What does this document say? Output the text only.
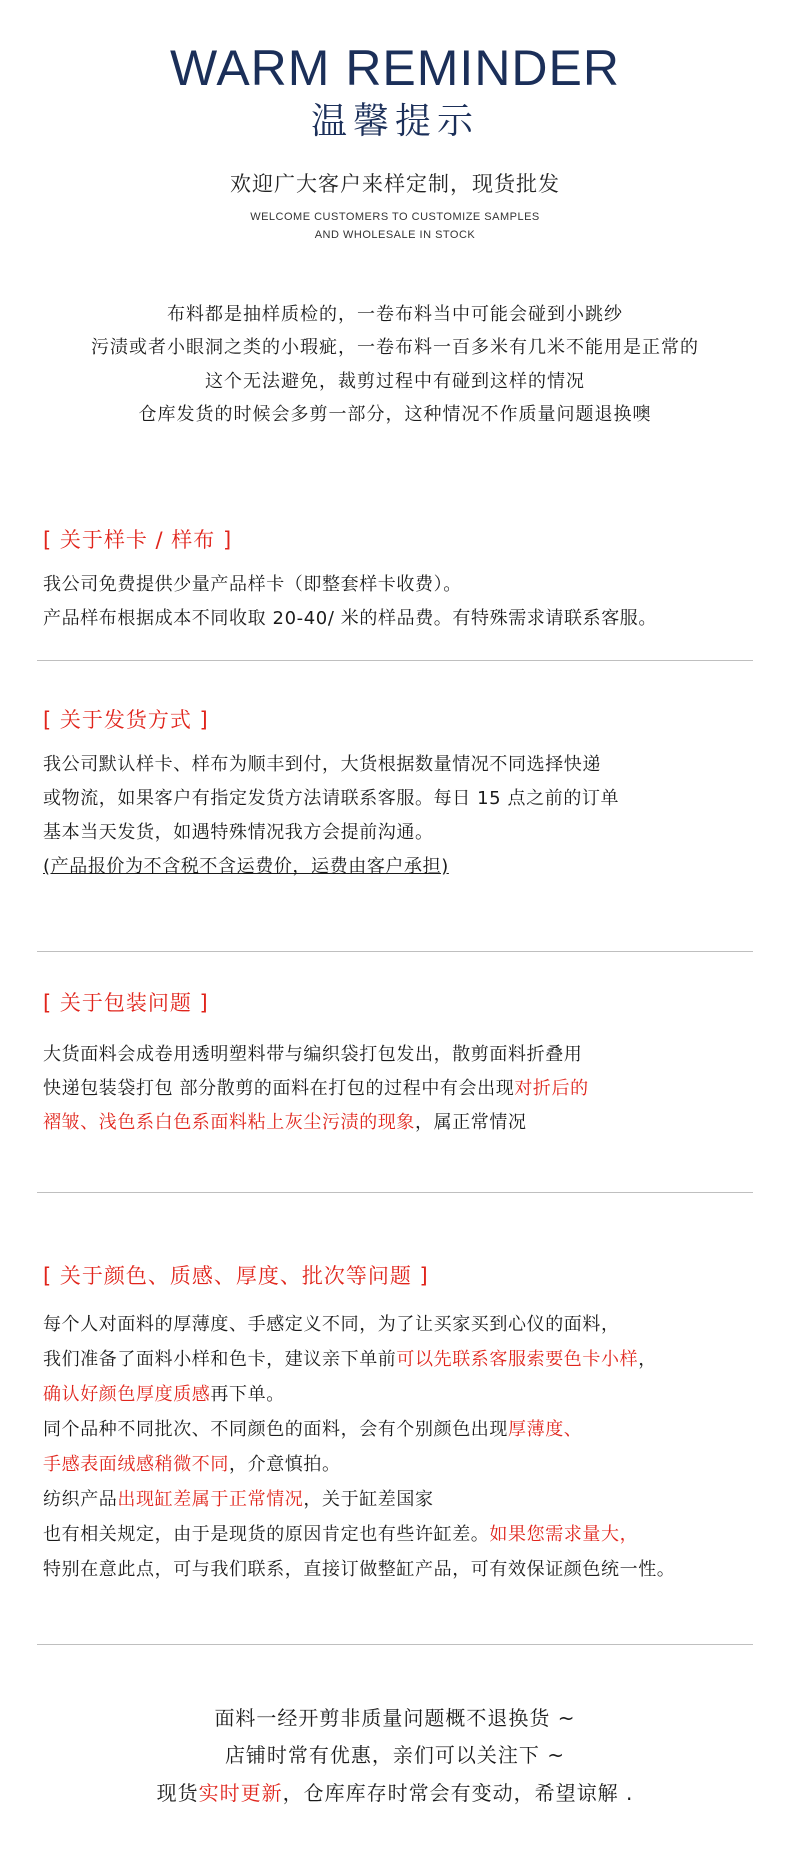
WARM REMINDER
温馨提示
欢迎广大客户来样定制，现货批发
WELCOME CUSTOMERS TO CUSTOMIZE SAMPLES
AND WHOLESALE IN STOCK
布料都是抽样质检的，一卷布料当中可能会碰到小跳纱
污渍或者小眼洞之类的小瑕疵，一卷布料一百多米有几米不能用是正常的
这个无法避免，裁剪过程中有碰到这样的情况
仓库发货的时候会多剪一部分，这种情况不作质量问题退换噢
[ 关于样卡 / 样布 ]
我公司免费提供少量产品样卡（即整套样卡收费）。
产品样布根据成本不同收取 20-40/ 米的样品费。有特殊需求请联系客服。
[ 关于发货方式 ]
我公司默认样卡、样布为顺丰到付，大货根据数量情况不同选择快递
或物流，如果客户有指定发货方法请联系客服。每日 15 点之前的订单
基本当天发货，如遇特殊情况我方会提前沟通。
(产品报价为不含税不含运费价，运费由客户承担)
[ 关于包装问题 ]
大货面料会成卷用透明塑料带与编织袋打包发出，散剪面料折叠用
快递包装袋打包 部分散剪的面料在打包的过程中有会出现对折后的
褶皱、浅色系白色系面料粘上灰尘污渍的现象，属正常情况
[ 关于颜色、质感、厚度、批次等问题 ]
每个人对面料的厚薄度、手感定义不同，为了让买家买到心仪的面料，
我们准备了面料小样和色卡，建议亲下单前可以先联系客服索要色卡小样，
确认好颜色厚度质感再下单。
同个品种不同批次、不同颜色的面料，会有个别颜色出现厚薄度、
手感表面绒感稍微不同，介意慎拍。
纺织产品出现缸差属于正常情况，关于缸差国家
也有相关规定，由于是现货的原因肯定也有些许缸差。如果您需求量大，
特别在意此点，可与我们联系，直接订做整缸产品，可有效保证颜色统一性。
面料一经开剪非质量问题概不退换货 ~
店铺时常有优惠，亲们可以关注下 ~
现货实时更新，仓库库存时常会有变动，希望谅解 .
